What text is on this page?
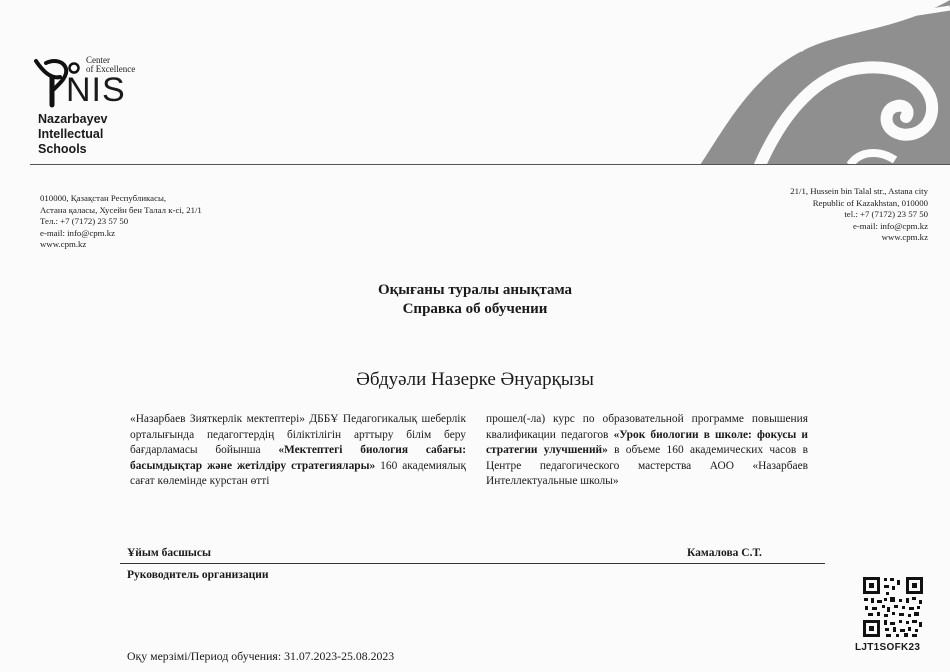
Center
of Excellence
NIS
Nazarbayev
Intellectual
Schools
010000, Қазақстан Республикасы,
Астана қаласы, Хусейн бен Талал к-сі, 21/1
Тел.: +7 (7172) 23 57 50
e-mail: info@cpm.kz
www.cpm.kz
21/1, Hussein bin Talal str., Astana city
Republic of Kazakhstan, 010000
tel.: +7 (7172) 23 57 50
e-mail: info@cpm.kz
www.cpm.kz
Оқығаны туралы анықтама
Справка об обучении
Әбдуәли Назерке Әнуарқызы
«Назарбаев Зияткерлік мектептері» ДББҰ Педагогикалық шеберлік орталығында педагогтердің біліктілігін арттыру білім беру бағдарламасы бойынша «Мектептегі биология сабағы: басымдықтар және жетілдіру стратегиялары» 160 академиялық сағат көлемінде курстан өтті
прошел(-ла) курс по образовательной программе повышения квалификации педагогов «Урок биологии в школе: фокусы и стратегии улучшений» в объеме 160 академических часов в Центре педагогического мастерства АОО «Назарбаев Интеллектуальные школы»
Ұйым басшысы	Камалова С.Т.
Руководитель организации
LJT1SOFK23
Оқу мерзімі/Период обучения: 31.07.2023-25.08.2023
